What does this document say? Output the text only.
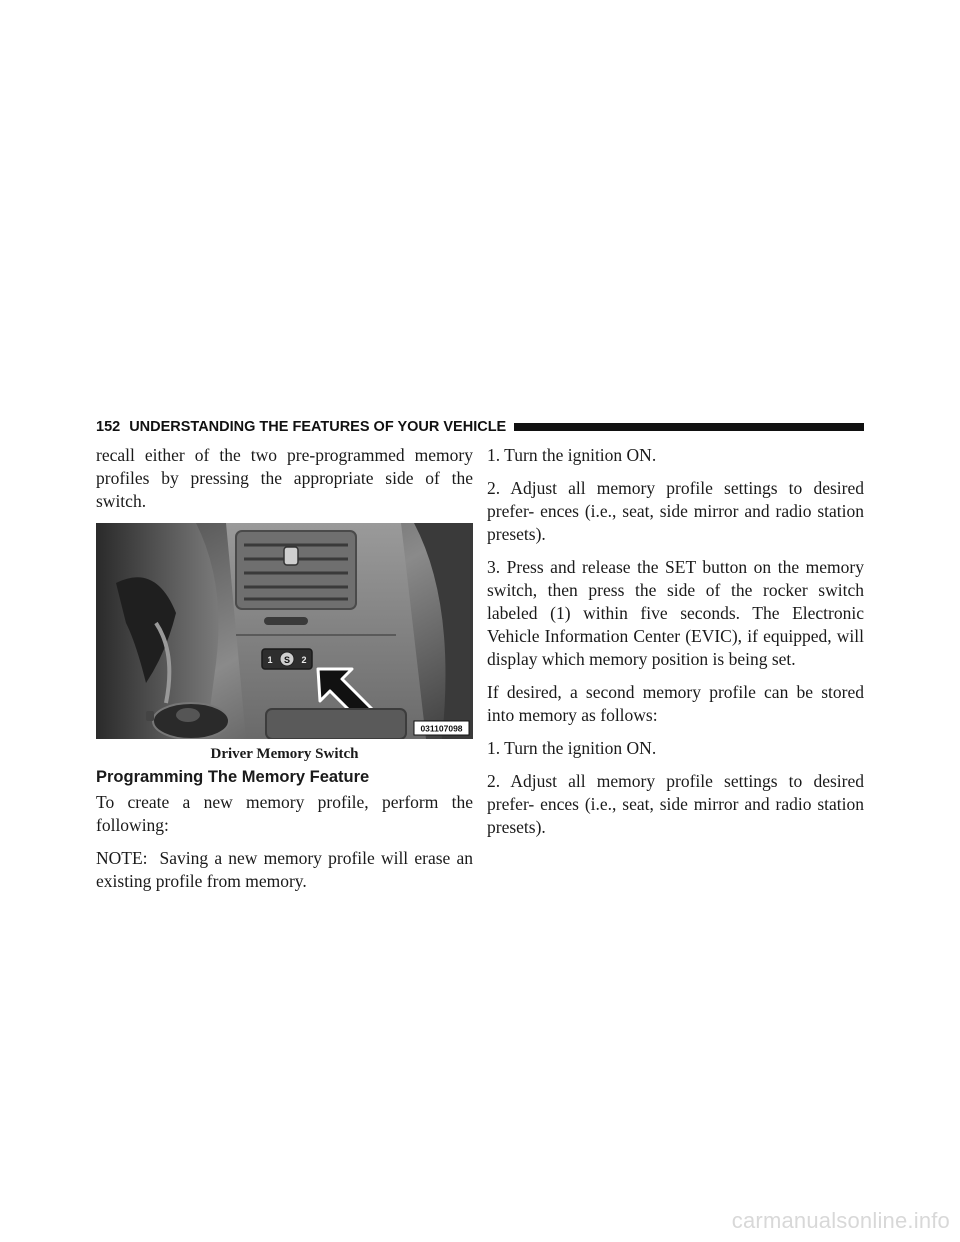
152 UNDERSTANDING THE FEATURES OF YOUR VEHICLE

recall either of the two pre-programmed memory profiles by pressing the appropriate side of the switch.

S
1	2
031107098
Driver Memory Switch
Programming The Memory Feature

To create a new memory profile, perform the following:

NOTE: Saving a new memory profile will erase an existing profile from memory.

1. Turn the ignition ON.

2. Adjust all memory profile settings to desired prefer- ences (i.e., seat, side mirror and radio station presets).

3. Press and release the SET button on the memory switch, then press the side of the rocker switch labeled (1) within five seconds. The Electronic Vehicle Information Center (EVIC), if equipped, will display which memory position is being set.

If desired, a second memory profile can be stored into memory as follows:

1. Turn the ignition ON.

2. Adjust all memory profile settings to desired prefer- ences (i.e., seat, side mirror and radio station presets).

carmanualsonline.info
